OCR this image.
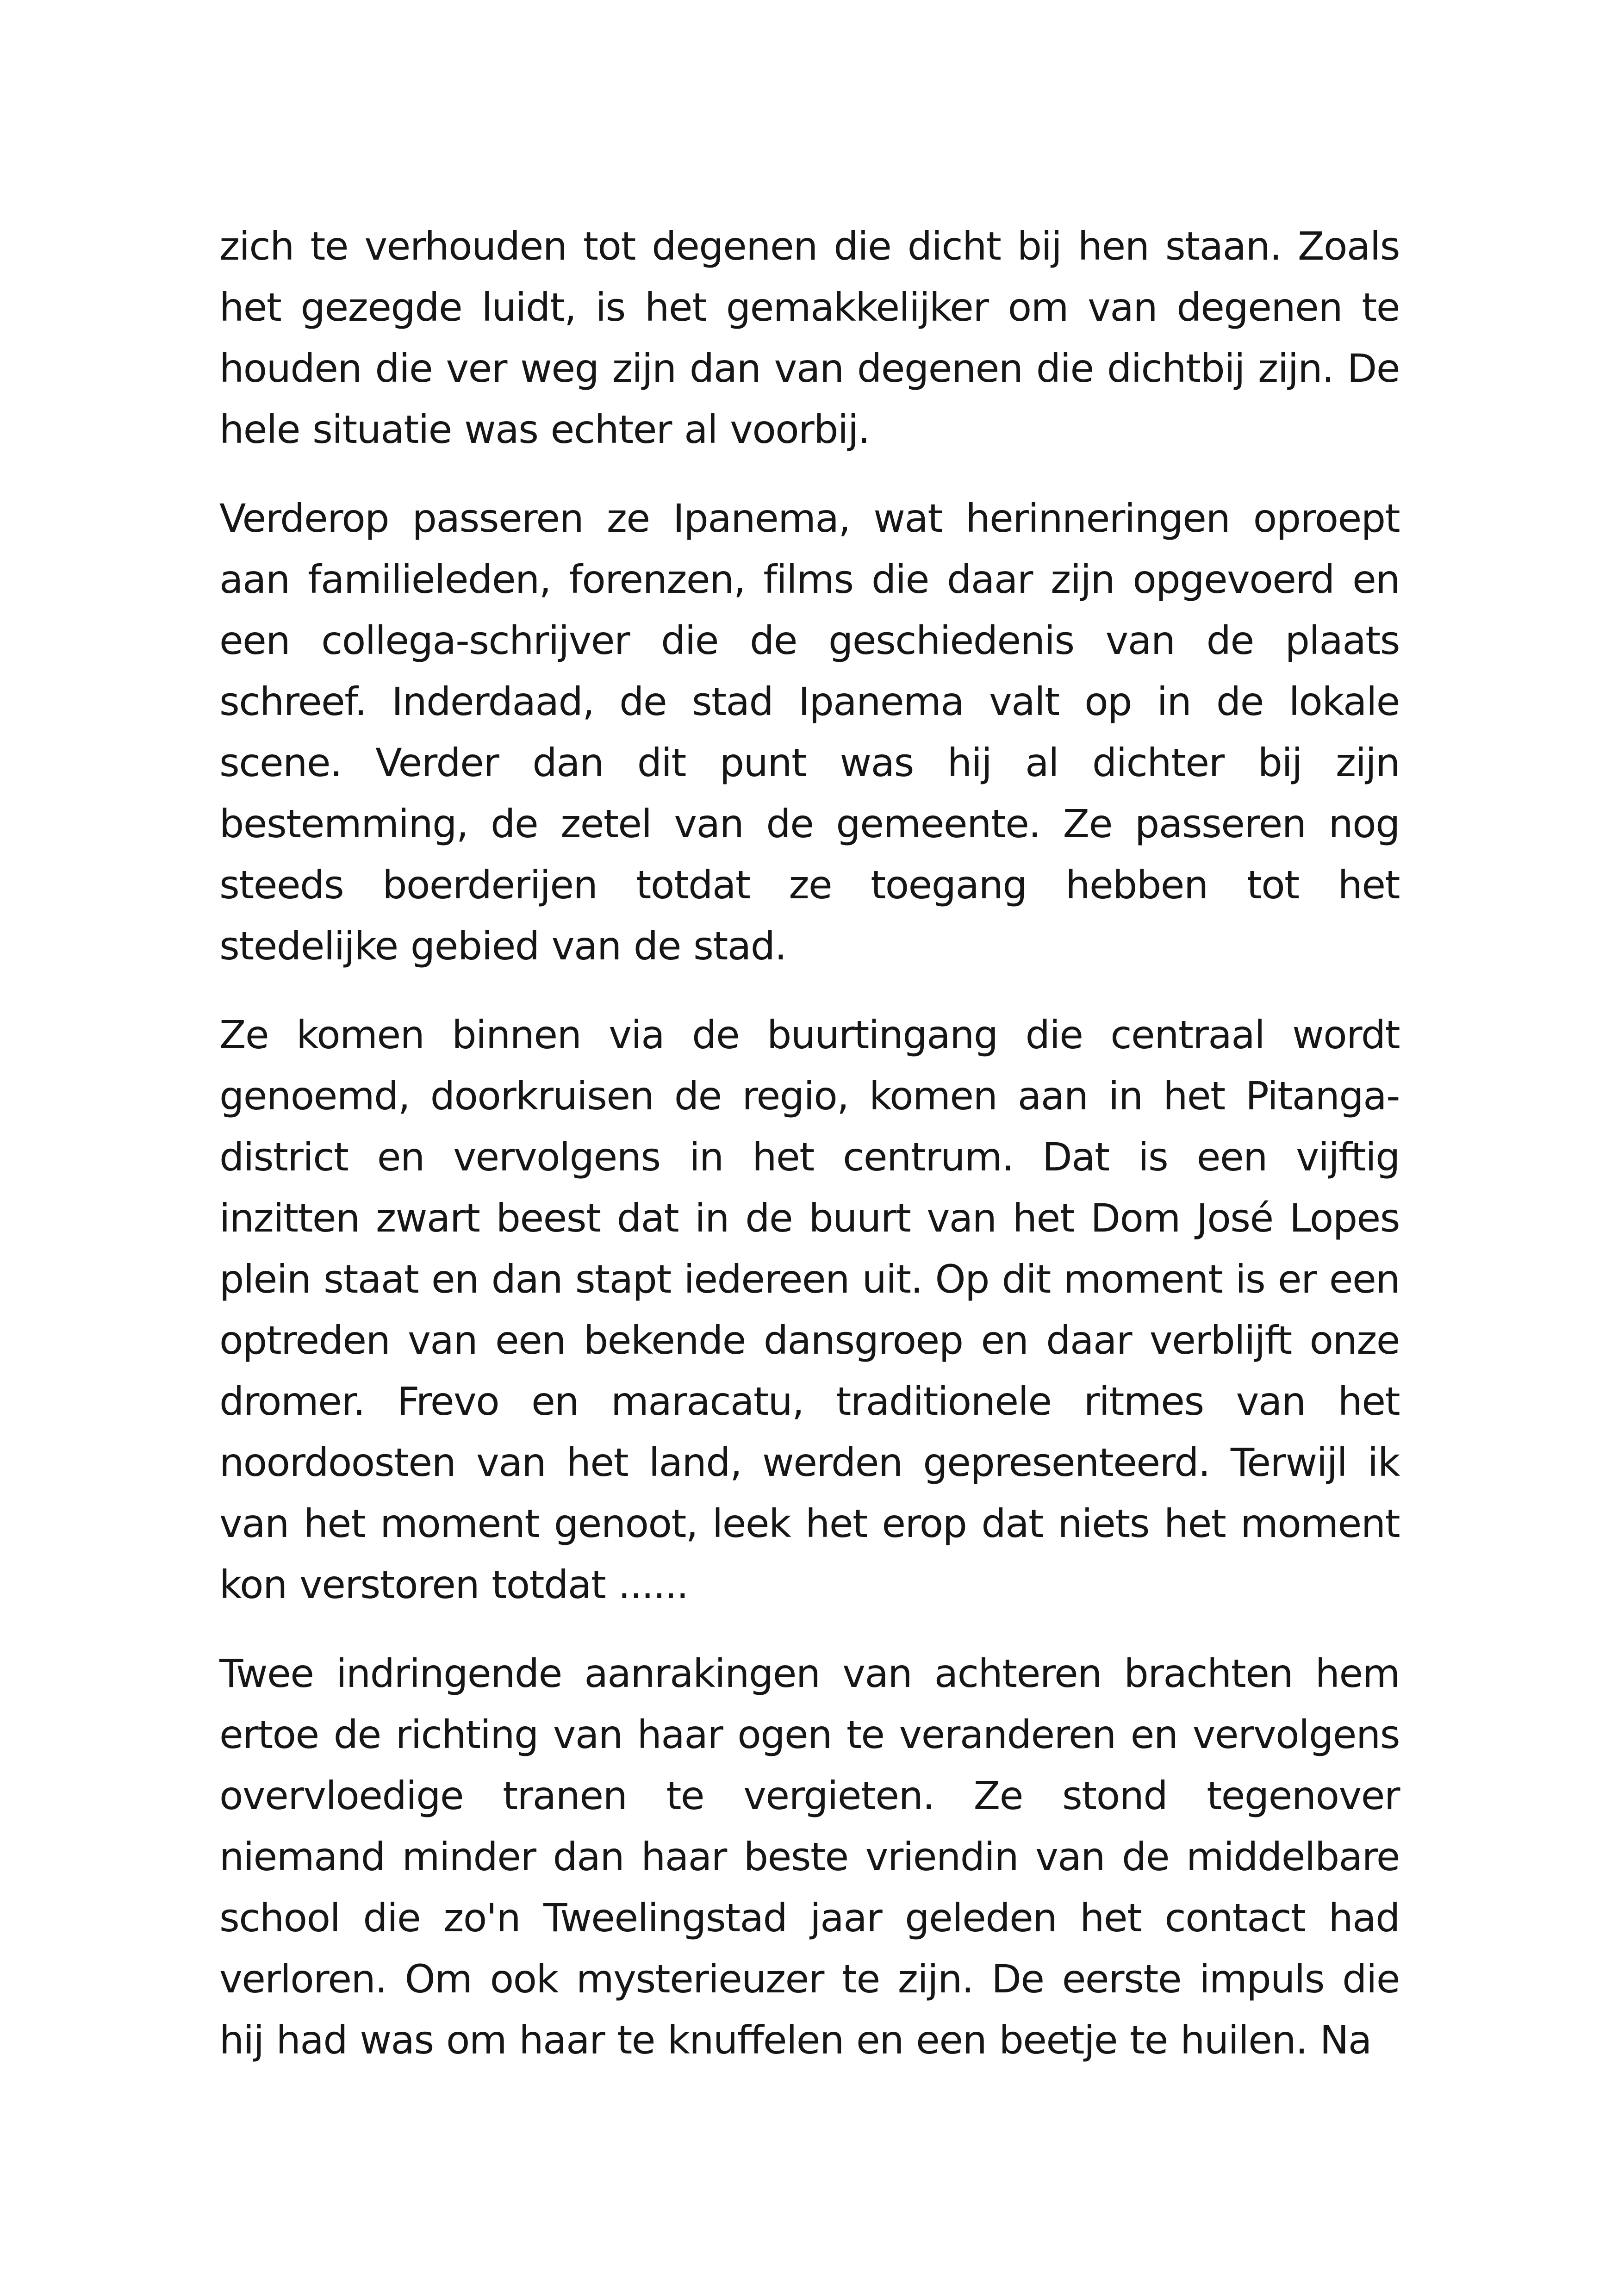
zich te verhouden tot degenen die dicht bij hen staan. Zoals het gezegde luidt, is het gemakkelijker om van degenen te houden die ver weg zijn dan van degenen die dichtbij zijn. De hele situatie was echter al voorbij.

Verderop passeren ze Ipanema, wat herinneringen oproept aan familieleden, forenzen, films die daar zijn opgevoerd en een collega-schrijver die de geschiedenis van de plaats schreef. Inderdaad, de stad Ipanema valt op in de lokale scene. Verder dan dit punt was hij al dichter bij zijn bestemming, de zetel van de gemeente. Ze passeren nog steeds boerderijen totdat ze toegang hebben tot het stedelijke gebied van de stad.

Ze komen binnen via de buurtingang die centraal wordt genoemd, doorkruisen de regio, komen aan in het Pitanga-district en vervolgens in het centrum. Dat is een vijftig inzitten zwart beest dat in de buurt van het Dom José Lopes plein staat en dan stapt iedereen uit. Op dit moment is er een optreden van een bekende dansgroep en daar verblijft onze dromer. Frevo en maracatu, traditionele ritmes van het noordoosten van het land, werden gepresenteerd. Terwijl ik van het moment genoot, leek het erop dat niets het moment kon verstoren totdat ......

Twee indringende aanrakingen van achteren brachten hem ertoe de richting van haar ogen te veranderen en vervolgens overvloedige tranen te vergieten. Ze stond tegenover niemand minder dan haar beste vriendin van de middelbare school die zo'n Tweelingstad jaar geleden het contact had verloren. Om ook mysterieuzer te zijn. De eerste impuls die hij had was om haar te knuffelen en een beetje te huilen. Na
